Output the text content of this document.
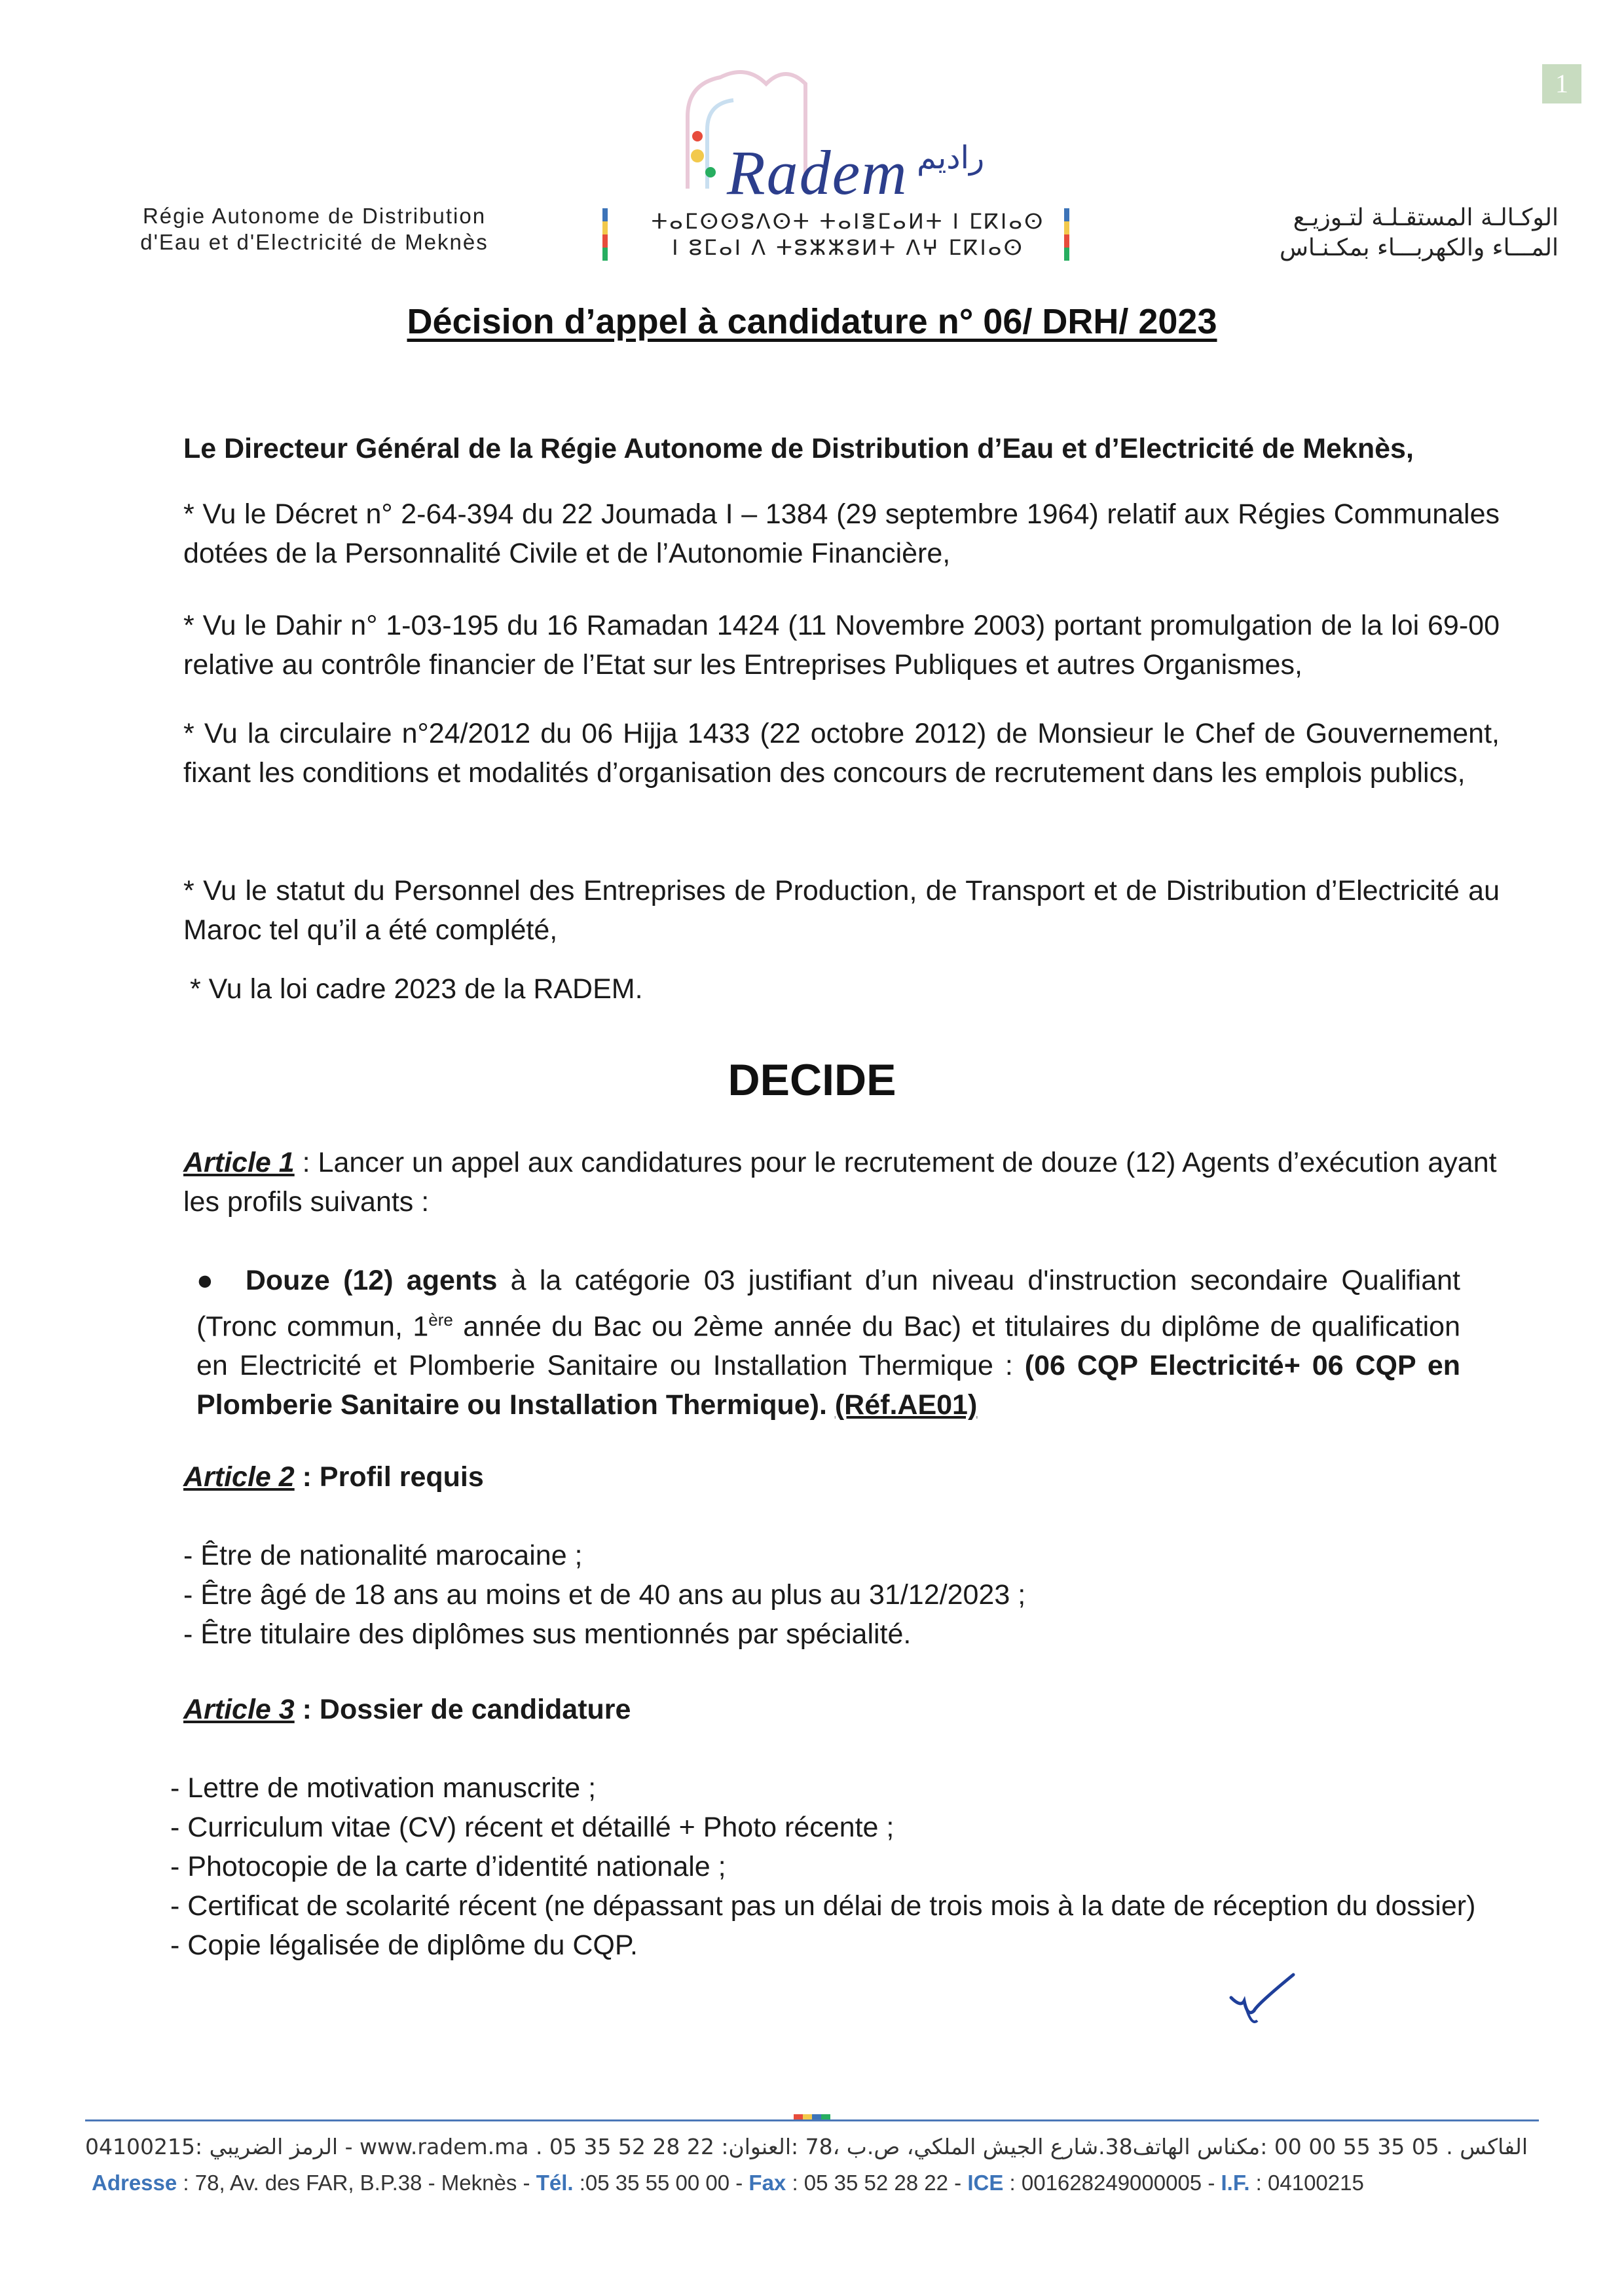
1
Radem راديم
Régie Autonome de Distribution
d'Eau et d'Electricité de Meknès
ⵜⴰⵎⵙⵙⵓⴷⵙⵜ ⵜⴰⵏⴻⵎⴰⵍⵜ ⵏ ⵎⴽⵏⴰⵙ
ⵏ ⵓⵎⴰⵏ ⴷ ⵜⵓⵣⵣⵓⵍⵜ ⴷⵖ ⵎⴽⵏⴰⵙ
الوكـالـة المستقـلـة لتـوزيـع
المـــاء والكهربـــاء بمكـنـاس
Décision d’appel à candidature n° 06/ DRH/ 2023
Le Directeur Général de la Régie Autonome de Distribution d’Eau et d’Electricité de Meknès,
* Vu le Décret n° 2-64-394 du 22 Joumada I – 1384 (29 septembre 1964) relatif aux Régies Communales dotées de la Personnalité Civile et de l’Autonomie Financière,
* Vu le Dahir n° 1-03-195 du 16 Ramadan 1424 (11 Novembre 2003) portant promulgation de la loi 69-00 relative au contrôle financier de l’Etat sur les Entreprises Publiques et autres Organismes,
* Vu la circulaire n°24/2012 du 06 Hijja 1433 (22 octobre 2012) de Monsieur le Chef de Gouvernement, fixant les conditions et modalités d’organisation des concours de recrutement dans les emplois publics,
* Vu le statut du Personnel des Entreprises de Production, de Transport et de Distribution d’Electricité au Maroc tel qu’il a été complété,
* Vu la loi cadre 2023 de la RADEM.
DECIDE
Article 1 : Lancer un appel aux candidatures pour le recrutement de douze (12) Agents d’exécution ayant les profils suivants :
●  Douze (12) agents à la catégorie 03 justifiant d’un niveau d'instruction secondaire Qualifiant (Tronc commun, 1ère année du Bac ou 2ème année du Bac) et titulaires du diplôme de qualification en Electricité et Plomberie Sanitaire ou Installation Thermique : (06 CQP Electricité+ 06 CQP en Plomberie Sanitaire ou Installation Thermique). (Réf.AE01)
Article 2 : Profil requis
- Être de nationalité marocaine ;
- Être âgé de 18 ans au moins et de 40 ans au plus au 31/12/2023 ;
- Être titulaire des diplômes sus mentionnés par spécialité.
Article 3 : Dossier de candidature
- Lettre de motivation manuscrite ;
- Curriculum vitae (CV) récent et détaillé + Photo récente ;
- Photocopie de la carte d’identité nationale ;
- Certificat de scolarité récent (ne dépassant pas un délai de trois mois à la date de réception du dossier)
- Copie légalisée de diplôme du CQP.
04100215: الرمز الضريبي - www.radem.ma . 05 35 52 28 22 :الفاكس . 05 35 55 00 00 :مكناس الهاتف38.شارع الجيش الملكي، ص.ب ،78 :العنوان
Adresse : 78, Av. des FAR, B.P.38 - Meknès - Tél. :05 35 55 00 00 - Fax : 05 35 52 28 22 - ICE : 001628249000005 - I.F. : 04100215
